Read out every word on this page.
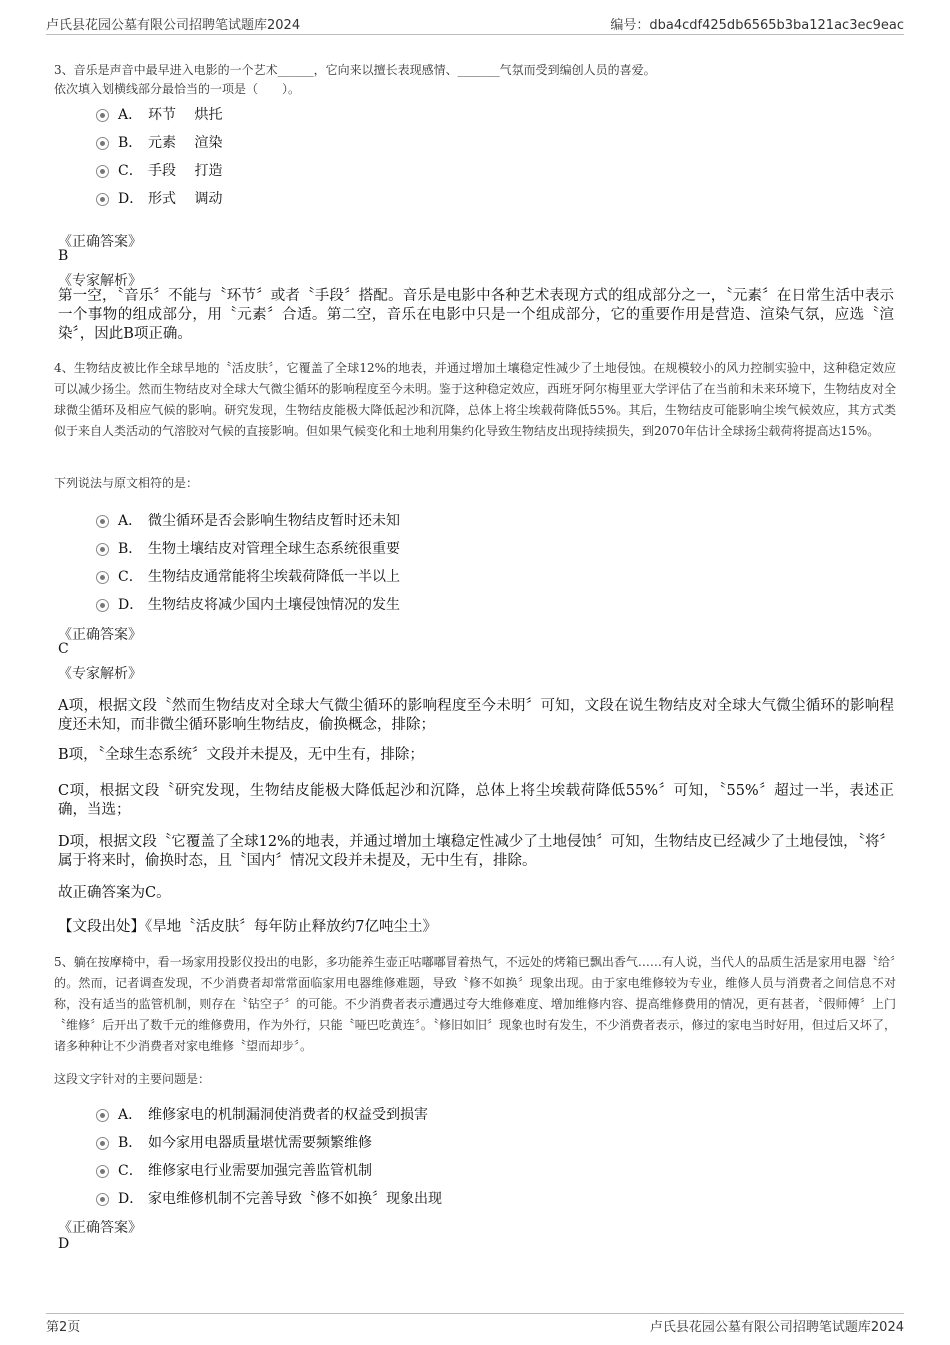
卢氏县花园公墓有限公司招聘笔试题库2024	编号：dba4cdf425db6565b3ba121ac3ec9eac
3、音乐是声音中最早进入电影的一个艺术______，它向来以擅长表现感情、_______气氛而受到编创人员的喜爱。
依次填入划横线部分最恰当的一项是（　　）。
A． 环节　 烘托
B． 元素　 渲染
C． 手段　 打造
D． 形式　 调动
《正确答案》
B
《专家解析》
第一空，〝音乐〞不能与〝环节〞或者〝手段〞搭配。音乐是电影中各种艺术表现方式的组成部分之一，〝元素〞在日常生活中表示一个事物的组成部分，用〝元素〞合适。第二空，音乐在电影中只是一个组成部分，它的重要作用是营造、渲染气氛，应选〝渲染〞，因此B项正确。
4、生物结皮被比作全球旱地的〝活皮肤〞，它覆盖了全球12%的地表，并通过增加土壤稳定性减少了土地侵蚀。在规模较小的风力控制实验中，这种稳定效应可以减少扬尘。然而生物结皮对全球大气微尘循环的影响程度至今未明。鉴于这种稳定效应，西班牙阿尔梅里亚大学评估了在当前和未来环境下，生物结皮对全球微尘循环及相应气候的影响。研究发现，生物结皮能极大降低起沙和沉降，总体上将尘埃载荷降低55%。其后，生物结皮可能影响尘埃气候效应，其方式类似于来自人类活动的气溶胶对气候的直接影响。但如果气候变化和土地利用集约化导致生物结皮出现持续损失，到2070年估计全球扬尘载荷将提高达15%。
下列说法与原文相符的是：
A． 微尘循环是否会影响生物结皮暂时还未知
B． 生物土壤结皮对管理全球生态系统很重要
C． 生物结皮通常能将尘埃载荷降低一半以上
D． 生物结皮将减少国内土壤侵蚀情况的发生
《正确答案》
C
《专家解析》
A项，根据文段〝然而生物结皮对全球大气微尘循环的影响程度至今未明〞可知，文段在说生物结皮对全球大气微尘循环的影响程度还未知，而非微尘循环影响生物结皮，偷换概念，排除；
B项，〝全球生态系统〞文段并未提及，无中生有，排除；
C项，根据文段〝研究发现，生物结皮能极大降低起沙和沉降，总体上将尘埃载荷降低55%〞可知，〝55%〞超过一半，表述正确，当选；
D项，根据文段〝它覆盖了全球12%的地表，并通过增加土壤稳定性减少了土地侵蚀〞可知，生物结皮已经减少了土地侵蚀，〝将〞属于将来时，偷换时态，且〝国内〞情况文段并未提及，无中生有，排除。
故正确答案为C。
【文段出处】《旱地〝活皮肤〞每年防止释放约7亿吨尘土》
5、躺在按摩椅中，看一场家用投影仪投出的电影，多功能养生壶正咕嘟嘟冒着热气，不远处的烤箱已飘出香气……有人说，当代人的品质生活是家用电器〝给〞的。然而，记者调查发现，不少消费者却常常面临家用电器维修难题，导致〝修不如换〞现象出现。由于家电维修较为专业，维修人员与消费者之间信息不对称，没有适当的监管机制，则存在〝钻空子〞的可能。不少消费者表示遭遇过夸大维修难度、增加维修内容、提高维修费用的情况，更有甚者，〝假师傅〞上门〝维修〞后开出了数千元的维修费用，作为外行，只能〝哑巴吃黄连〞。〝修旧如旧〞现象也时有发生，不少消费者表示，修过的家电当时好用，但过后又坏了，诸多种种让不少消费者对家电维修〝望而却步〞。
这段文字针对的主要问题是：
A． 维修家电的机制漏洞使消费者的权益受到损害
B． 如今家用电器质量堪忧需要频繁维修
C． 维修家电行业需要加强完善监管机制
D． 家电维修机制不完善导致〝修不如换〞现象出现
《正确答案》
D
第2页	卢氏县花园公墓有限公司招聘笔试题库2024
